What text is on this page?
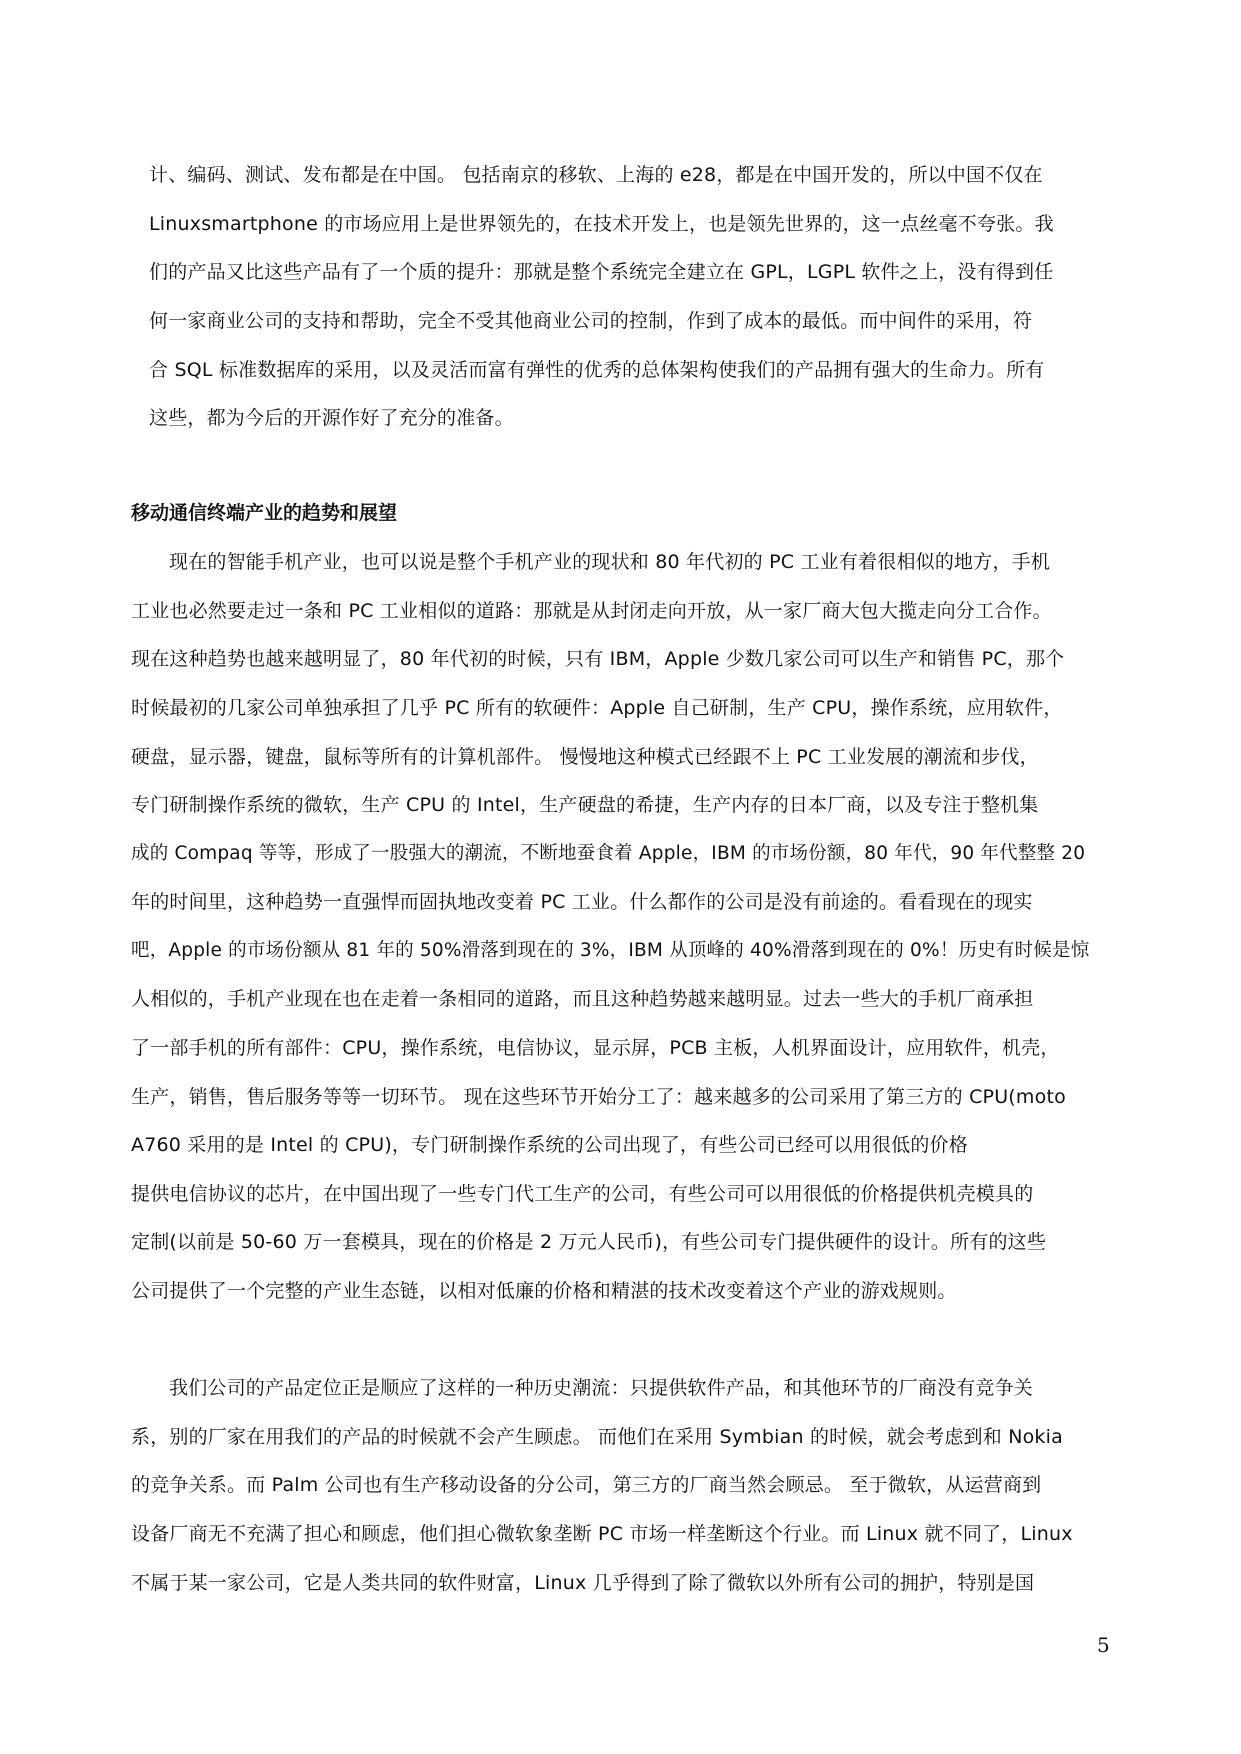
计、编码、测试、发布都是在中国。 包括南京的移软、上海的 e28，都是在中国开发的，所以中国不仅在

Linuxsmartphone 的市场应用上是世界领先的，在技术开发上，也是领先世界的，这一点丝毫不夸张。我

们的产品又比这些产品有了一个质的提升：那就是整个系统完全建立在 GPL，LGPL 软件之上，没有得到任

何一家商业公司的支持和帮助，完全不受其他商业公司的控制，作到了成本的最低。而中间件的采用，符

合 SQL 标准数据库的采用，以及灵活而富有弹性的优秀的总体架构使我们的产品拥有强大的生命力。所有

这些，都为今后的开源作好了充分的准备。

移动通信终端产业的趋势和展望

现在的智能手机产业，也可以说是整个手机产业的现状和 80 年代初的 PC 工业有着很相似的地方，手机

工业也必然要走过一条和 PC 工业相似的道路：那就是从封闭走向开放，从一家厂商大包大揽走向分工合作。

现在这种趋势也越来越明显了，80 年代初的时候，只有 IBM，Apple 少数几家公司可以生产和销售 PC，那个

时候最初的几家公司单独承担了几乎 PC 所有的软硬件：Apple 自己研制，生产 CPU，操作系统，应用软件，

硬盘，显示器，键盘，鼠标等所有的计算机部件。 慢慢地这种模式已经跟不上 PC 工业发展的潮流和步伐，

专门研制操作系统的微软，生产 CPU 的 Intel，生产硬盘的希捷，生产内存的日本厂商，以及专注于整机集

成的 Compaq 等等，形成了一股强大的潮流，不断地蚕食着 Apple，IBM 的市场份额，80 年代，90 年代整整 20

年的时间里，这种趋势一直强悍而固执地改变着 PC 工业。什么都作的公司是没有前途的。看看现在的现实

吧，Apple 的市场份额从 81 年的 50%滑落到现在的 3%，IBM 从顶峰的 40%滑落到现在的 0%！历史有时候是惊

人相似的，手机产业现在也在走着一条相同的道路，而且这种趋势越来越明显。过去一些大的手机厂商承担

了一部手机的所有部件：CPU，操作系统，电信协议，显示屏，PCB 主板，人机界面设计，应用软件，机壳，

生产，销售，售后服务等等一切环节。 现在这些环节开始分工了：越来越多的公司采用了第三方的 CPU(moto

A760 采用的是 Intel 的 CPU)，专门研制操作系统的公司出现了，有些公司已经可以用很低的价格

提供电信协议的芯片，在中国出现了一些专门代工生产的公司，有些公司可以用很低的价格提供机壳模具的

定制(以前是 50-60 万一套模具，现在的价格是 2 万元人民币)，有些公司专门提供硬件的设计。所有的这些

公司提供了一个完整的产业生态链，以相对低廉的价格和精湛的技术改变着这个产业的游戏规则。

我们公司的产品定位正是顺应了这样的一种历史潮流：只提供软件产品，和其他环节的厂商没有竞争关

系，别的厂家在用我们的产品的时候就不会产生顾虑。 而他们在采用 Symbian 的时候，就会考虑到和 Nokia

的竞争关系。而 Palm 公司也有生产移动设备的分公司，第三方的厂商当然会顾忌。 至于微软，从运营商到

设备厂商无不充满了担心和顾虑，他们担心微软象垄断 PC 市场一样垄断这个行业。而 Linux 就不同了，Linux

不属于某一家公司，它是人类共同的软件财富，Linux 几乎得到了除了微软以外所有公司的拥护，特别是国

5
